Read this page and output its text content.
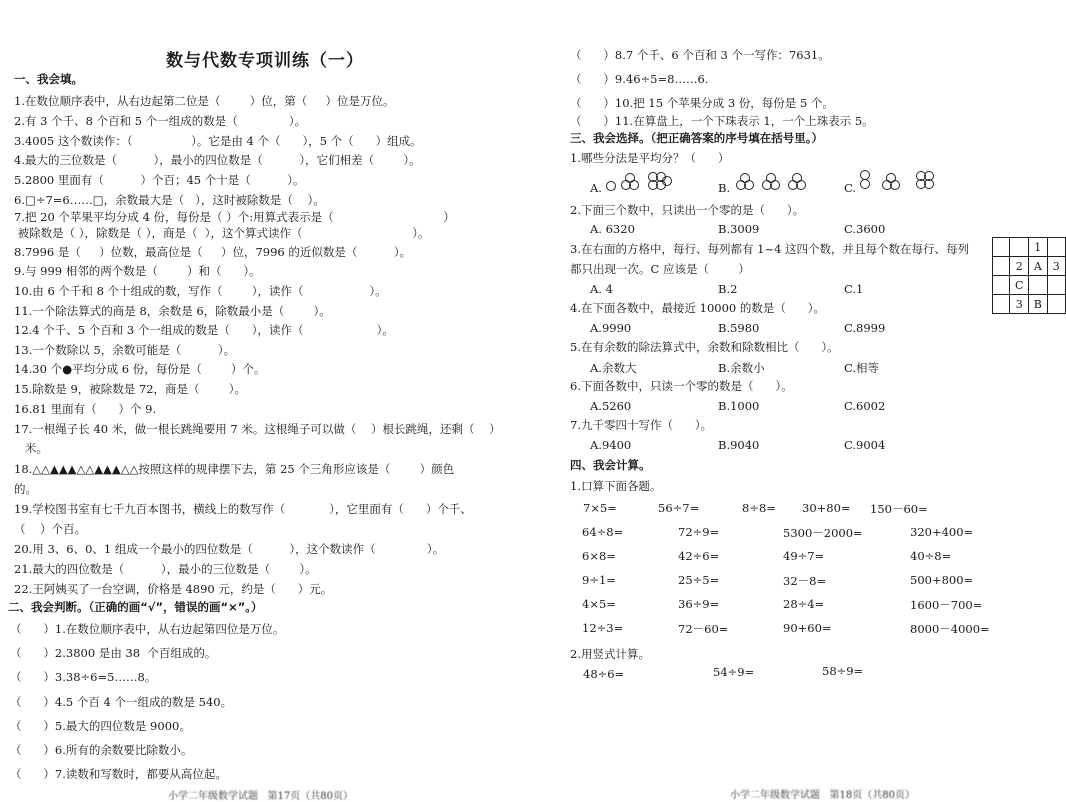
数与代数专项训练（一）
一、我会填。
1.在数位顺序表中，从右边起第二位是（        ）位，第（     ）位是万位。
2.有 3 个千、8 个百和 5 个一组成的数是（              ）。
3.4005 这个数读作：（                ）。它是由 4 个（      ），5 个（      ）组成。
4.最大的三位数是（          ），最小的四位数是（          ），它们相差（        ）。
5.2800 里面有（          ）个百；45 个十是（          ）。
6.□÷7=6……□，余数最大是（   ），这时被除数是（    ）。
7.把 20 个苹果平均分成 4 份，每份是（ ）个:用算式表示是（                              ）
被除数是（ ），除数是（ ），商是（  ），这个算式读作（                              ）。
8.7996 是（     ）位数，最高位是（     ）位，7996 的近似数是（          ）。
9.与 999 相邻的两个数是（        ）和（      ）。
10.由 6 个千和 8 个十组成的数，写作（        ），读作（                  ）。
11.一个除法算式的商是 8，余数是 6，除数最小是（        ）。
12.4 个千、5 个百和 3 个一组成的数是（      ），读作（                    ）。
13.一个数除以 5，余数可能是（          ）。
14.30 个●平均分成 6 份，每份是（        ）个。
15.除数是 9，被除数是 72，商是（        ）。
16.81 里面有（      ）个 9.
17.一根绳子长 40 米，做一根长跳绳要用 7 米。这根绳子可以做（    ）根长跳绳，还剩（    ）
米。
18.△△▲▲▲△△▲▲▲△△按照这样的规律摆下去，第 25 个三角形应该是（        ）颜色
的。
19.学校图书室有七千九百本图书，横线上的数写作（            ），它里面有（      ）个千、
（    ）个百。
20.用 3、6、0、1 组成一个最小的四位数是（          ），这个数读作（              ）。
21.最大的四位数是（          ），最小的三位数是（        ）。
22.王阿姨买了一台空调，价格是 4890 元，约是（      ）元。
二、我会判断。（正确的画“√”，错误的画“×”。）
（      ）1.在数位顺序表中，从右边起第四位是万位。
（      ）2.3800 是由 38  个百组成的。
（      ）3.38÷6=5……8。
（      ）4.5 个百 4 个一组成的数是 540。
（      ）5.最大的四位数是 9000。
（      ）6.所有的余数要比除数小。
（      ）7.读数和写数时，都要从高位起。
小学二年级数学试题   第17页（共80页）
（      ）8.7 个千、6 个百和 3 个一写作：7631。
（      ）9.46÷5=8……6.
（      ）10.把 15 个苹果分成 3 份，每份是 5 个。
（      ）11.在算盘上，一个下珠表示 1，一个上珠表示 5。
三、我会选择。（把正确答案的序号填在括号里。）
1.哪些分法是平均分？（      ）
A.	B.	C.
2.下面三个数中，只读出一个零的是（      ）。
A. 6320	B.3009	C.3600
3.在右面的方格中，每行、每列都有 1~4 这四个数，并且每个数在每行、每列
都只出现一次。C 应该是（        ）
A. 4	B.2	C.1
		1	
	2	A	3
	C		
	3	B	
4.在下面各数中，最接近 10000 的数是（      ）。
A.9990	B.5980	C.8999
5.在有余数的除法算式中，余数和除数相比（      ）。
A.余数大	B.余数小	C.相等
6.下面各数中，只读一个零的数是（      ）。
A.5260	B.1000	C.6002
7.九千零四十写作（      ）。
A.9400	B.9040	C.9004
四、我会计算。
1.口算下面各题。
7×5=	56÷7=	8÷8= 30+80= 150－60=
64÷8=	72÷9=	5300－2000=	320+400=
6×8=	42÷6=	49÷7=	40÷8=
9÷1=	25÷5=	32－8=	500+800=
4×5=	36÷9=	28÷4=	1600－700=
12÷3=	72－60=	90+60=	8000－4000=
2.用竖式计算。
48÷6=	54÷9=	58÷9=
小学二年级数学试题   第18页（共80页）
